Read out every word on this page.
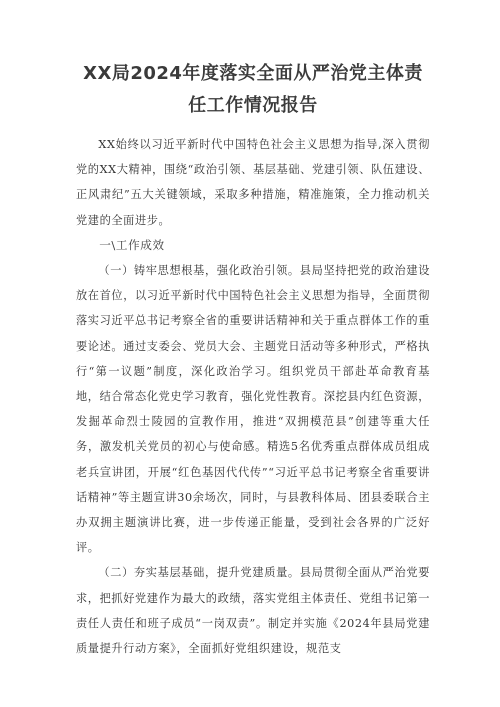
XX局2024年度落实全面从严治党主体责
任工作情况报告

XX始终以习近平新时代中国特色社会主义思想为指导,深入贯彻党的XX大精神，围绕“政治引领、基层基础、党建引领、队伍建设、正风肃纪”五大关键领域，采取多种措施，精准施策，全力推动机关党建的全面进步。

一\工作成效

（一）铸牢思想根基，强化政治引领。县局坚持把党的政治建设放在首位，以习近平新时代中国特色社会主义思想为指导，全面贯彻落实习近平总书记考察全省的重要讲话精神和关于重点群体工作的重要论述。通过支委会、党员大会、主题党日活动等多种形式，严格执行“第一议题”制度，深化政治学习。组织党员干部赴革命教育基地，结合常态化党史学习教育，强化党性教育。深挖县内红色资源，发掘革命烈士陵园的宣教作用，推进“双拥模范县”创建等重大任务，激发机关党员的初心与使命感。精选5名优秀重点群体成员组成老兵宣讲团，开展“红色基因代代传”“习近平总书记考察全省重要讲话精神”等主题宣讲30余场次，同时，与县教科体局、团县委联合主办双拥主题演讲比赛，进一步传递正能量，受到社会各界的广泛好评。

（二）夯实基层基础，提升党建质量。县局贯彻全面从严治党要求，把抓好党建作为最大的政绩，落实党组主体责任、党组书记第一责任人责任和班子成员“一岗双责”。制定并实施《2024年县局党建质量提升行动方案》，全面抓好党组织建设，规范支
